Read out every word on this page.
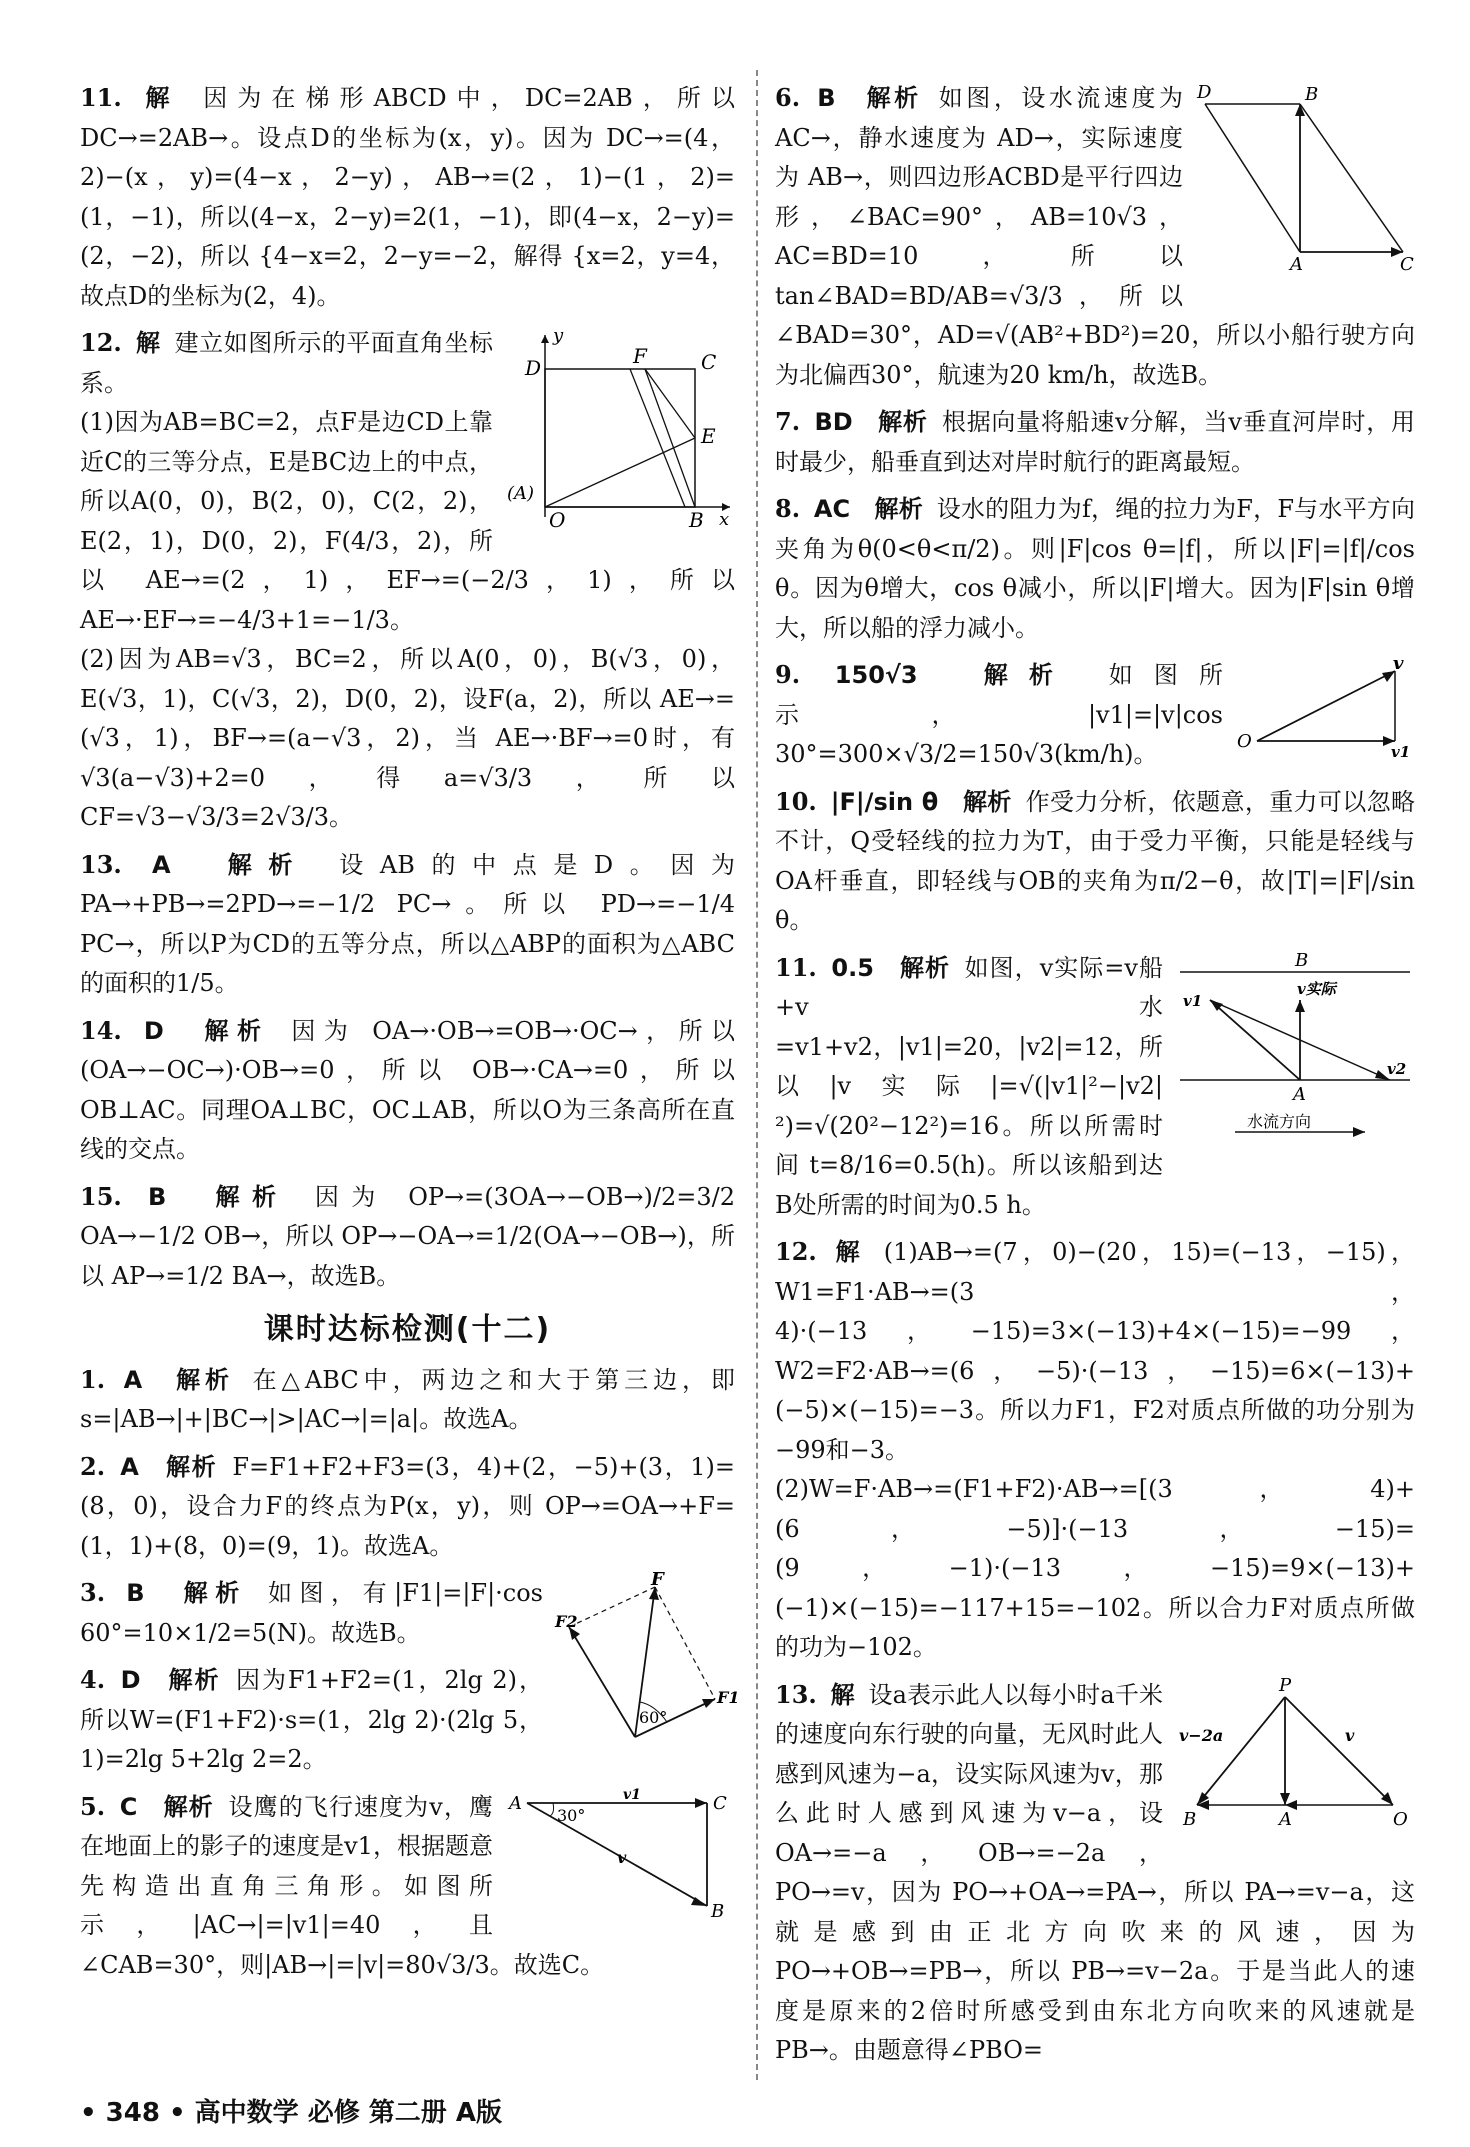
11. 解 因为在梯形ABCD中，DC=2AB，所以 DC→=2AB→。设点D的坐标为(x，y)。因为 DC→=(4，2)−(x，y)=(4−x，2−y)，AB→=(2，1)−(1，2)=(1，−1)，所以(4−x，2−y)=2(1，−1)，即(4−x，2−y)=(2，−2)，所以 {4−x=2，2−y=−2，解得 {x=2，y=4，故点D的坐标为(2，4)。
D	F	C
E
(A)
O	B x
y

12. 解 建立如图所示的平面直角坐标系。

(1)因为AB=BC=2，点F是边CD上靠近C的三等分点，E是BC边上的中点，所以A(0，0)，B(2，0)，C(2，2)，E(2，1)，D(0，2)，F(4/3，2)，所以 AE→=(2，1)，EF→=(−2/3，1)，所以 AE→·EF→=−4/3+1=−1/3。

(2)因为AB=√3，BC=2，所以A(0，0)，B(√3，0)，E(√3，1)，C(√3，2)，D(0，2)，设F(a，2)，所以 AE→=(√3，1)，BF→=(a−√3，2)，当 AE→·BF→=0时，有√3(a−√3)+2=0，得a=√3/3，所以CF=√3−√3/3=2√3/3。

13. A　解析 设AB的中点是D。因为 PA→+PB→=2PD→=−1/2 PC→。所以 PD→=−1/4 PC→，所以P为CD的五等分点，所以△ABP的面积为△ABC的面积的1/5。
14. D　解析 因为 OA→·OB→=OB→·OC→，所以(OA→−OC→)·OB→=0，所以 OB→·CA→=0，所以OB⊥AC。同理OA⊥BC，OC⊥AB，所以O为三条高所在直线的交点。
15. B　解析 因为 OP→=(3OA→−OB→)/2=3/2 OA→−1/2 OB→，所以 OP→−OA→=1/2(OA→−OB→)，所以 AP→=1/2 BA→，故选B。
课时达标检测(十二)
1. A　解析 在△ABC中，两边之和大于第三边，即 s=|AB→|+|BC→|>|AC→|=|a|。故选A。
2. A　解析 F=F1+F2+F3=(3，4)+(2，−5)+(3，1)=(8，0)，设合力F的终点为P(x，y)，则 OP→=OA→+F=(1，1)+(8，0)=(9，1)。故选A。
F
F2
F1
60°
3. B　解析 如图，有|F1|=|F|·cos 60°=10×1/2=5(N)。故选B。
4. D　解析 因为F1+F2=(1，2lg 2)，所以W=(F1+F2)·s=(1，2lg 2)·(2lg 5，1)=2lg 5+2lg 2=2。
A	C
B
v1
v
30°
5. C　解析 设鹰的飞行速度为v，鹰在地面上的影子的速度是v1，根据题意先构造出直角三角形。如图所示，|AC→|=|v1|=40，且∠CAB=30°，则|AB→|=|v|=80√3/3。故选C。
D	B
A	C
6. B　解析 如图，设水流速度为 AC→，静水速度为 AD→，实际速度为 AB→，则四边形ACBD是平行四边形，∠BAC=90°，AB=10√3，AC=BD=10，所以 tan∠BAD=BD/AB=√3/3，所以∠BAD=30°，AD=√(AB²+BD²)=20，所以小船行驶方向为北偏西30°，航速为20 km/h，故选B。
7. BD　解析 根据向量将船速v分解，当v垂直河岸时，用时最少，船垂直到达对岸时航行的距离最短。
8. AC　解析 设水的阻力为f，绳的拉力为F，F与水平方向夹角为θ(0<θ<π/2)。则|F|cos θ=|f|，所以|F|=|f|/cos θ。因为θ增大，cos θ减小，所以|F|增大。因为|F|sin θ增大，所以船的浮力减小。
v
O	v1
9. 150√3　解析 如图所示，|v1|=|v|cos 30°=300×√3/2=150√3(km/h)。
10. |F|/sin θ　解析 作受力分析，依题意，重力可以忽略不计，Q受轻线的拉力为T，由于受力平衡，只能是轻线与OA杆垂直，即轻线与OB的夹角为π/2−θ，故|T|=|F|/sin θ。
B
v实际
v1
v2
A
水流方向
11. 0.5　解析 如图，v实际=v船+v水=v1+v2，|v1|=20，|v2|=12，所以|v实际|=√(|v1|²−|v2|²)=√(20²−12²)=16。所以所需时间 t=8/16=0.5(h)。所以该船到达B处所需的时间为0.5 h。

12. 解 (1)AB→=(7，0)−(20，15)=(−13，−15)，W1=F1·AB→=(3，4)·(−13，−15)=3×(−13)+4×(−15)=−99，W2=F2·AB→=(6，−5)·(−13，−15)=6×(−13)+(−5)×(−15)=−3。所以力F1，F2对质点所做的功分别为−99和−3。

(2)W=F·AB→=(F1+F2)·AB→=[(3，4)+(6，−5)]·(−13，−15)=(9，−1)·(−13，−15)=9×(−13)+(−1)×(−15)=−117+15=−102。所以合力F对质点所做的功为−102。

P
v−2a	v
B	A	O
13. 解 设a表示此人以每小时a千米的速度向东行驶的向量，无风时此人感到风速为−a，设实际风速为v，那么此时人感到风速为v−a，设 OA→=−a，OB→=−2a，PO→=v，因为 PO→+OA→=PA→，所以 PA→=v−a，这就是感到由正北方向吹来的风速，因为 PO→+OB→=PB→，所以 PB→=v−2a。于是当此人的速度是原来的2倍时所感受到由东北方向吹来的风速就是 PB→。由题意得∠PBO=
• 348 • 高中数学 必修 第二册 A版
